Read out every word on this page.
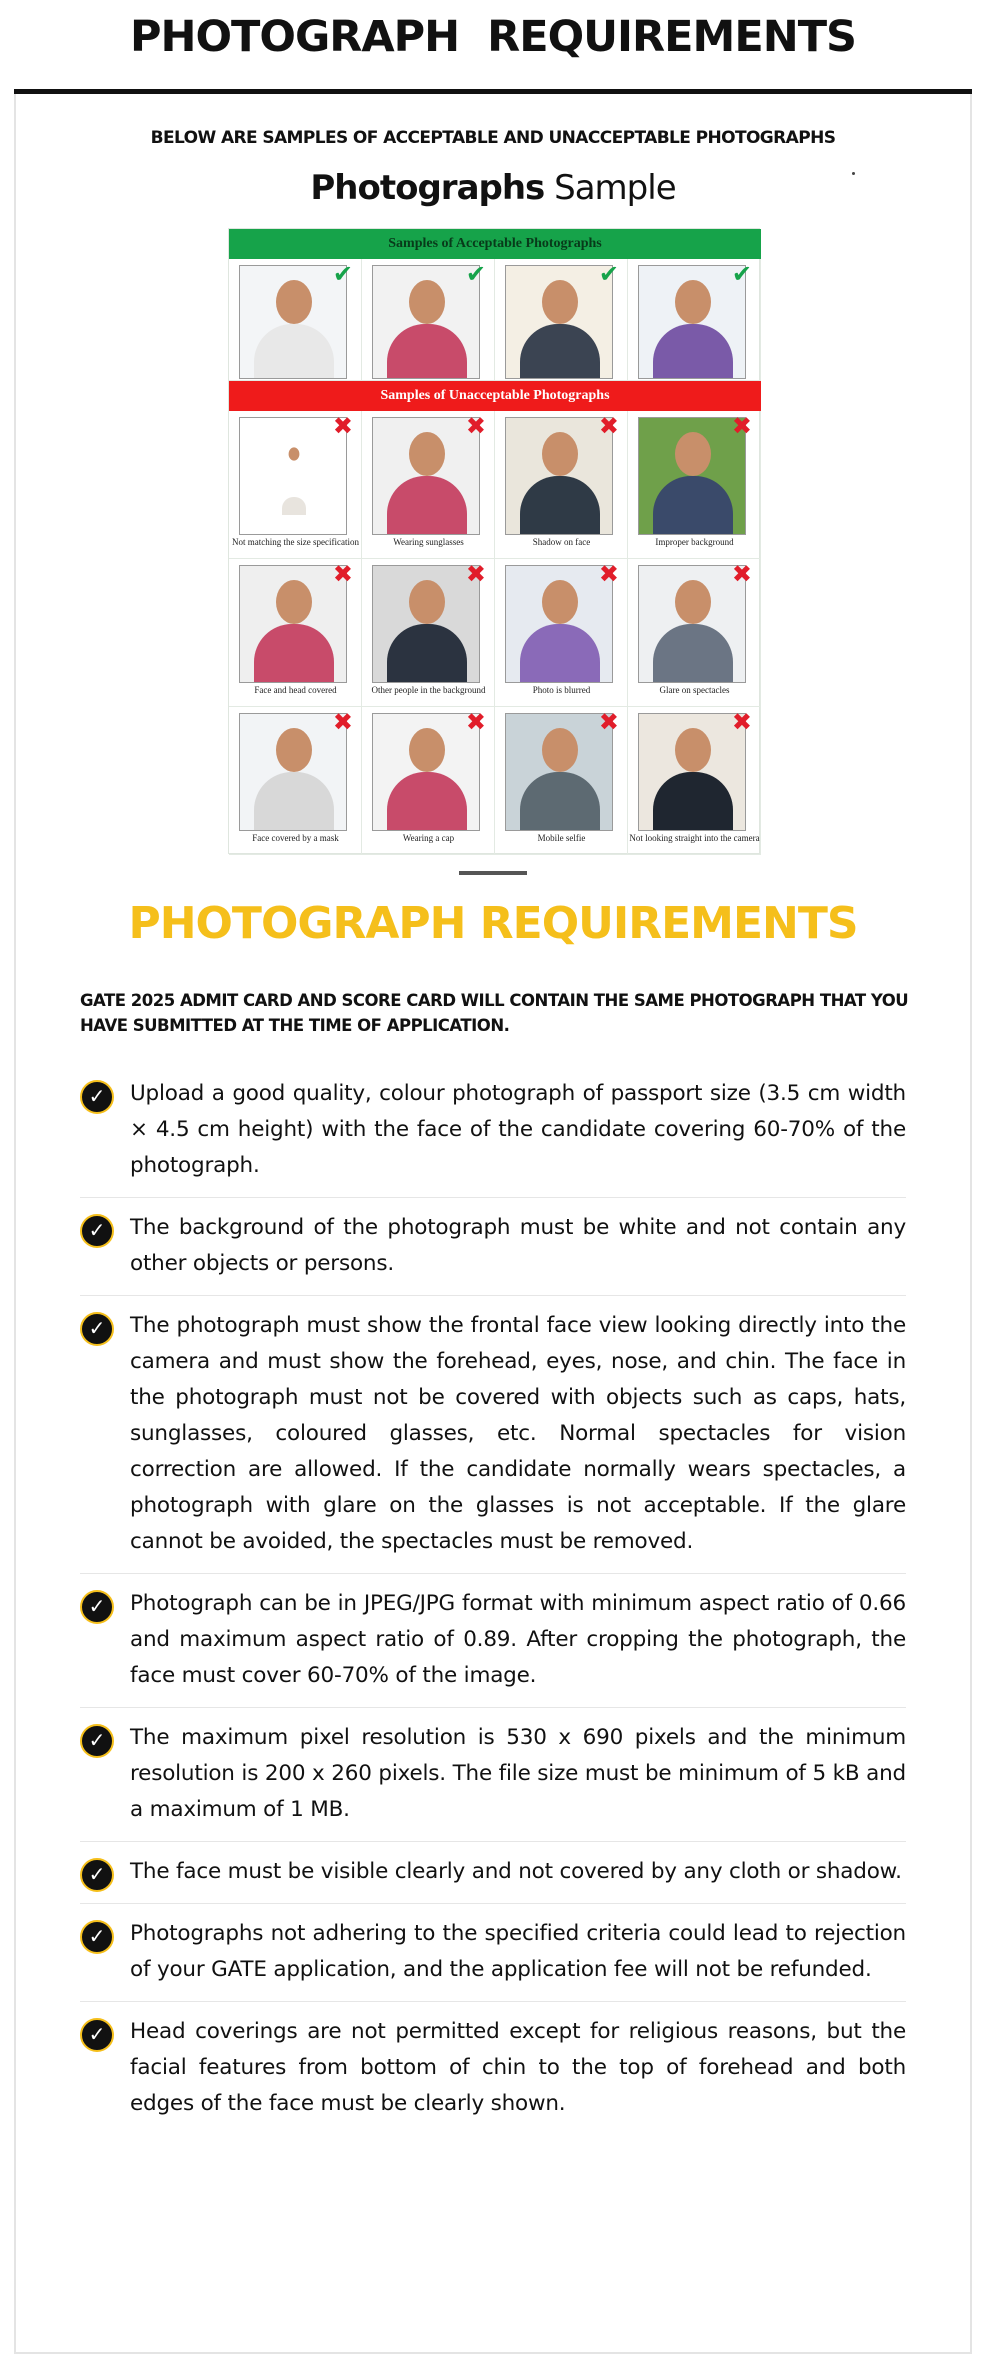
PHOTOGRAPH REQUIREMENTS
BELOW ARE SAMPLES OF ACCEPTABLE AND UNACCEPTABLE PHOTOGRAPHS
Photographs Sample
Samples of Acceptable Photographs
Samples of Unacceptable Photographs
✔	✔	✔	✔
✖
Not matching the size specification
✖
Wearing sunglasses
✖
Shadow on face
✖
Improper background
✖
Face and head covered
✖
Other people in the background
✖
Photo is blurred
✖
Glare on spectacles
✖
Face covered by a mask
✖
Wearing a cap
✖
Mobile selfie
✖
Not looking straight into the camera
PHOTOGRAPH REQUIREMENTS
GATE 2025 ADMIT CARD AND SCORE CARD WILL CONTAIN THE SAME PHOTOGRAPH THAT YOU HAVE SUBMITTED AT THE TIME OF APPLICATION.
✓	Upload a good quality, colour photograph of passport size (3.5 cm width × 4.5 cm height) with the face of the candidate covering 60-70% of the photograph.
✓	The background of the photograph must be white and not contain any other objects or persons.
✓	The photograph must show the frontal face view looking directly into the camera and must show the forehead, eyes, nose, and chin. The face in the photograph must not be covered with objects such as caps, hats, sunglasses, coloured glasses, etc. Normal spectacles for vision correction are allowed. If the candidate normally wears spectacles, a photograph with glare on the glasses is not acceptable. If the glare cannot be avoided, the spectacles must be removed.
✓	Photograph can be in JPEG/JPG format with minimum aspect ratio of 0.66 and maximum aspect ratio of 0.89. After cropping the photograph, the face must cover 60-70% of the image.
✓	The maximum pixel resolution is 530 x 690 pixels and the minimum resolution is 200 x 260 pixels. The file size must be minimum of 5 kB and a maximum of 1 MB.
✓	The face must be visible clearly and not covered by any cloth or shadow.
✓	Photographs not adhering to the specified criteria could lead to rejection of your GATE application, and the application fee will not be refunded.
✓	Head coverings are not permitted except for religious reasons, but the facial features from bottom of chin to the top of forehead and both edges of the face must be clearly shown.
